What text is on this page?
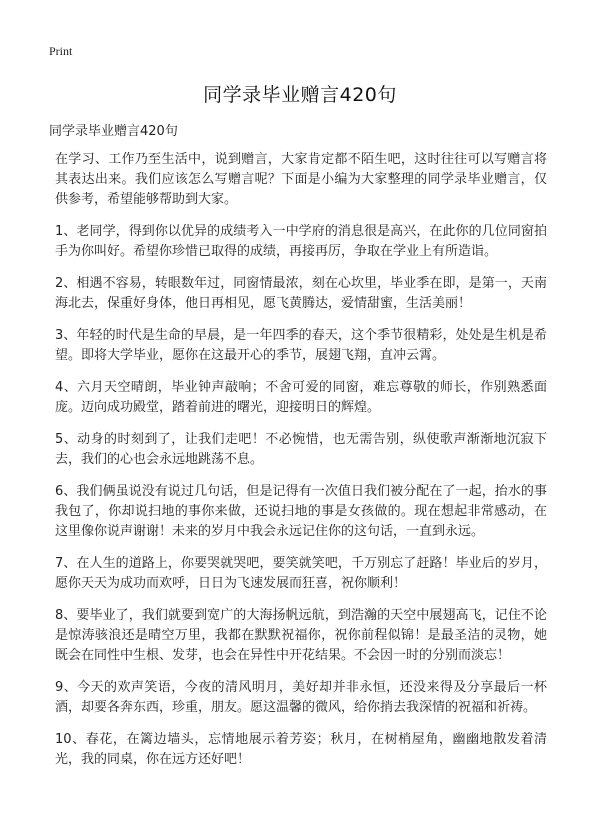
Print
同学录毕业赠言420句
同学录毕业赠言420句

在学习、工作乃至生活中，说到赠言，大家肯定都不陌生吧，这时往往可以写赠言将其表达出来。我们应该怎么写赠言呢？下面是小编为大家整理的同学录毕业赠言，仅供参考，希望能够帮助到大家。

1、老同学，得到你以优异的成绩考入一中学府的消息很是高兴，在此你的几位同窗拍手为你叫好。希望你珍惜已取得的成绩，再接再厉，争取在学业上有所造诣。

2、相遇不容易，转眼数年过，同窗情最浓，刻在心坎里，毕业季在即，是第一，天南海北去，保重好身体，他日再相见，愿飞黄腾达，爱情甜蜜，生活美丽！

3、年轻的时代是生命的早晨，是一年四季的春天，这个季节很精彩，处处是生机是希望。即将大学毕业，愿你在这最开心的季节，展翅飞翔，直冲云霄。

4、六月天空晴朗，毕业钟声敲响；不舍可爱的同窗，难忘尊敬的师长，作别熟悉面庞。迈向成功殿堂，踏着前进的曙光，迎接明日的辉煌。

5、动身的时刻到了，让我们走吧！不必惋惜，也无需告别，纵使歌声渐渐地沉寂下去，我们的心也会永远地跳荡不息。

6、我们俩虽说没有说过几句话，但是记得有一次值日我们被分配在了一起，抬水的事我包了，你却说扫地的事你来做，还说扫地的事是女孩做的。现在想起非常感动，在这里像你说声谢谢！未来的岁月中我会永远记住你的这句话，一直到永远。

7、在人生的道路上，你要哭就哭吧，要笑就笑吧，千万别忘了赶路！毕业后的岁月，愿你天天为成功而欢呼，日日为飞速发展而狂喜，祝你顺利！

8、要毕业了，我们就要到宽广的大海扬帆远航，到浩瀚的天空中展翅高飞，记住不论是惊涛骇浪还是晴空万里，我都在默默祝福你，祝你前程似锦！是最圣洁的灵物，她既会在同性中生根、发芽，也会在异性中开花结果。不会因一时的分别而淡忘！

9、今天的欢声笑语，今夜的清风明月，美好却并非永恒，还没来得及分享最后一杯酒，却要各奔东西，珍重，朋友。愿这温馨的微风，给你捎去我深情的祝福和祈祷。

10、春花，在篱边墙头，忘情地展示着芳姿；秋月，在树梢屋角，幽幽地散发着清光，我的同桌，你在远方还好吧！
